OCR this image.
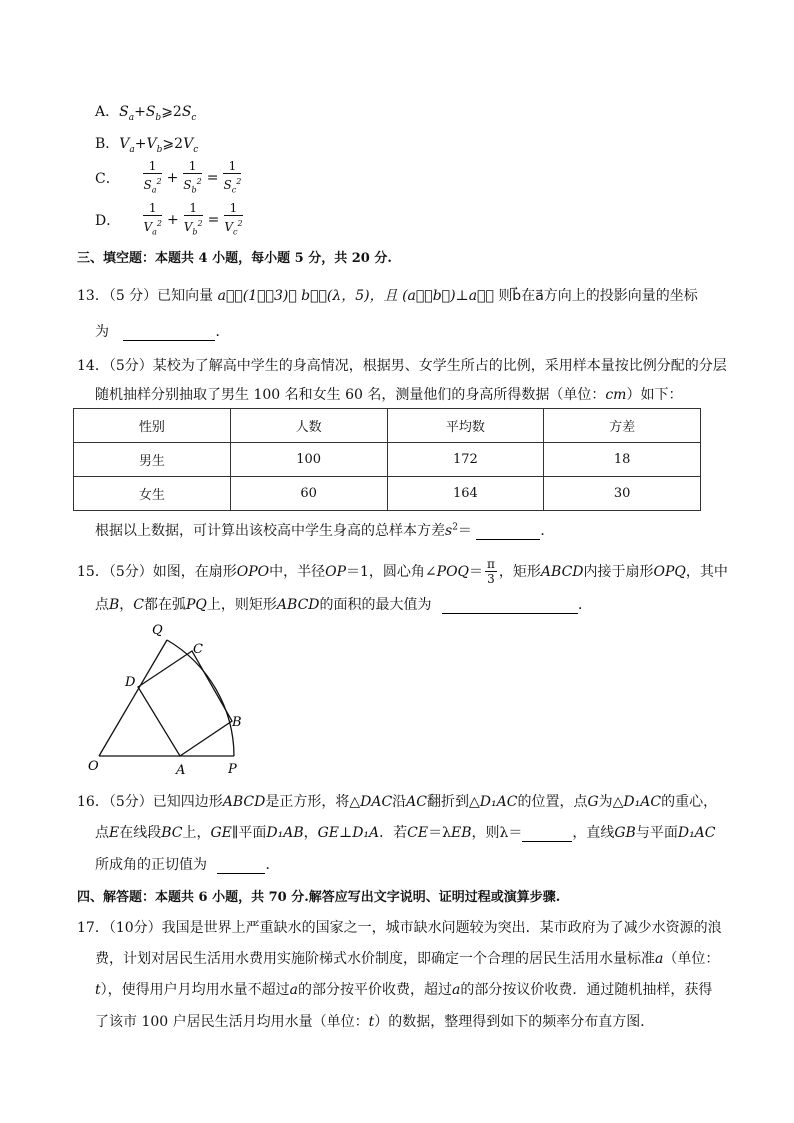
A．$S_a+S_b⩾2S_c$
B．$V_a+V_b⩾2V_c$
C． $\frac{1}{S_a^2} + \frac{1}{S_b^2} = \frac{1}{S_c^2}$
D． $\frac{1}{V_a^2} + \frac{1}{V_b^2} = \frac{1}{V_c^2}$
三、填空题：本题共 4 小题，每小题 5 分，共 20 分.
13．（5 分）已知向量 a⃗＝(1，－3)， b⃗＝(λ，5)，且 (a⃗＋b⃗)⊥a⃗， 则b⃗在a⃗方向上的投影向量的坐标
为	．
14．（5分）某校为了解高中学生的身高情况，根据男、女学生所占的比例，采用样本量按比例分配的分层
随机抽样分别抽取了男生 100 名和女生 60 名，测量他们的身高所得数据（单位：cm）如下：
性别	人数	平均数	方差
男生	100	172	18
女生	60	164	30
根据以上数据，可计算出该校高中学生身高的总样本方差$s^2=$	．
15．（5分）如图，在扇形OPO中，半径OP＝1，圆心角∠POQ＝ $\frac{\pi}{3}$ ，矩形ABCD内接于扇形OPQ，其中
点B，C都在弧PQ上，则矩形ABCD的面积的最大值为	．
O	A	P
B
C
D
Q
16．（5分）已知四边形ABCD是正方形，将△DAC沿AC翻折到△D₁AC的位置，点G为△D₁AC的重心，
点E在线段BC上，GE∥平面D₁AB，GE⊥D₁A．若CE＝λEB，则λ＝	，直线GB与平面D₁AC
所成角的正切值为	．
四、解答题：本题共 6 小题，共 70 分.解答应写出文字说明、证明过程或演算步骤.
17．（10分）我国是世界上严重缺水的国家之一，城市缺水问题较为突出．某市政府为了减少水资源的浪
费，计划对居民生活用水费用实施阶梯式水价制度，即确定一个合理的居民生活用水量标准a（单位：
t），使得用户月均用水量不超过a的部分按平价收费，超过a的部分按议价收费．通过随机抽样，获得
了该市 100 户居民生活月均用水量（单位：t）的数据，整理得到如下的频率分布直方图．
